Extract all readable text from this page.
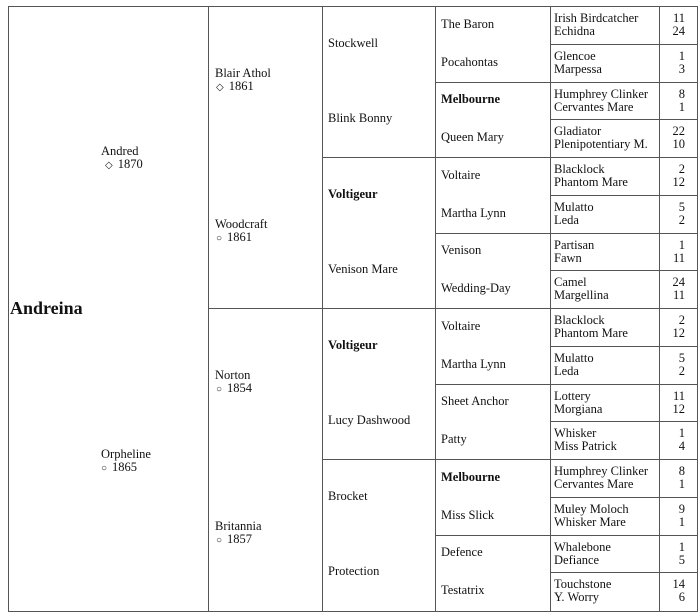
Andreina
Andred
◇ 1870
Orpheline
○ 1865
Blair Athol
◇ 1861
Woodcraft
○ 1861
Norton
○ 1854
Britannia
○ 1857
Stockwell
Blink Bonny
Voltigeur
Venison Mare
Voltigeur
Lucy Dashwood
Brocket
Protection
The Baron
Pocahontas
Melbourne
Queen Mary
Voltaire
Martha Lynn
Venison
Wedding-Day
Voltaire
Martha Lynn
Sheet Anchor
Patty
Melbourne
Miss Slick
Defence
Testatrix
Irish Birdcatcher
Echidna
11
24
Glencoe
Marpessa
1
3
Humphrey Clinker
Cervantes Mare
8
1
Gladiator
Plenipotentiary M.
22
10
Blacklock
Phantom Mare
2
12
Mulatto
Leda
5
2
Partisan
Fawn
1
11
Camel
Margellina
24
11
Blacklock
Phantom Mare
2
12
Mulatto
Leda
5
2
Lottery
Morgiana
11
12
Whisker
Miss Patrick
1
4
Humphrey Clinker
Cervantes Mare
8
1
Muley Moloch
Whisker Mare
9
1
Whalebone
Defiance
1
5
Touchstone
Y. Worry
14
6
